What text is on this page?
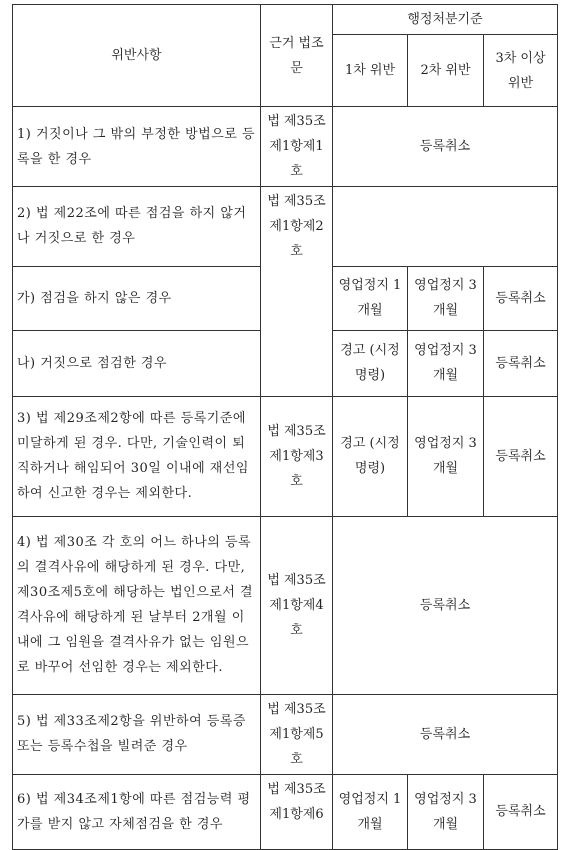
위반사항	근거 법조문	행정처분기준		
		1차 위반	2차 위반	3차 이상 위반
1) 거짓이나 그 밖의 부정한 방법으로 등록을 한 경우	법 제35조 제1항제1호	등록취소		
2) 법 제22조에 따른 점검을 하지 않거나 거짓으로 한 경우	법 제35조 제1항제2호			
가) 점검을 하지 않은 경우		영업정지 1개월	영업정지 3개월	등록취소
나) 거짓으로 점검한 경우		경고 (시정명령)	영업정지 3개월	등록취소
3) 법 제29조제2항에 따른 등록기준에 미달하게 된 경우. 다만, 기술인력이 퇴직하거나 해임되어 30일 이내에 재선임하여 신고한 경우는 제외한다.	법 제35조 제1항제3호	경고 (시정명령)	영업정지 3개월	등록취소
4) 법 제30조 각 호의 어느 하나의 등록의 결격사유에 해당하게 된 경우. 다만, 제30조제5호에 해당하는 법인으로서 결격사유에 해당하게 된 날부터 2개월 이내에 그 임원을 결격사유가 없는 임원으로 바꾸어 선임한 경우는 제외한다.	법 제35조 제1항제4호	등록취소		
5) 법 제33조제2항을 위반하여 등록증 또는 등록수첩을 빌려준 경우	법 제35조 제1항제5호	등록취소		
6) 법 제34조제1항에 따른 점검능력 평가를 받지 않고 자체점검을 한 경우	법 제35조 제1항제6	영업정지 1개월	영업정지 3개월	등록취소
